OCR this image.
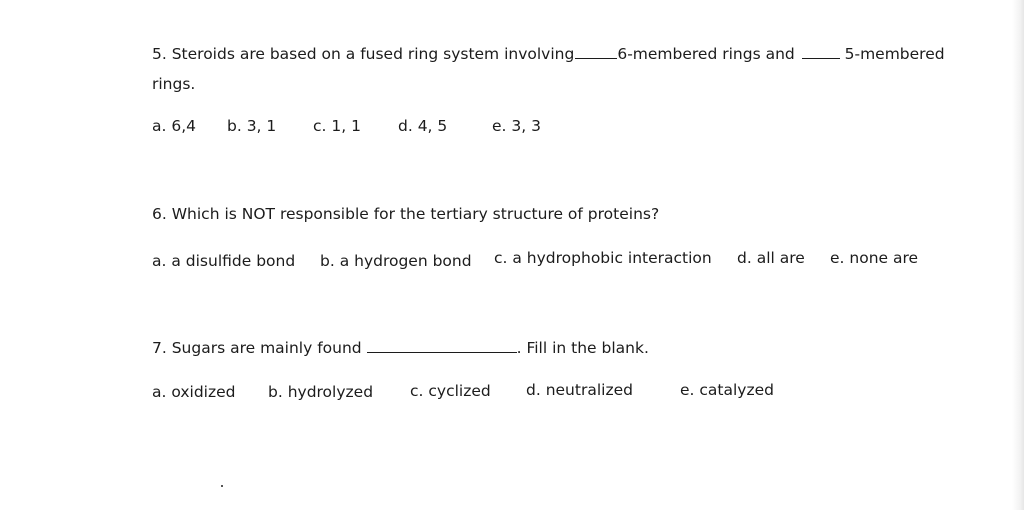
5. Steroids are based on a fused ring system involving	6-membered rings and	5-membered
rings.
a. 6,4 b. 3, 1 c. 1, 1 d. 4, 5	e. 3, 3
6. Which is NOT responsible for the tertiary structure of proteins?
a. a disulfide bond b. a hydrogen bond c. a hydrophobic interaction d. all are e. none are
7. Sugars are mainly found	. Fill in the blank.
a. oxidized b. hydrolyzed c. cyclized d. neutralized	e. catalyzed
